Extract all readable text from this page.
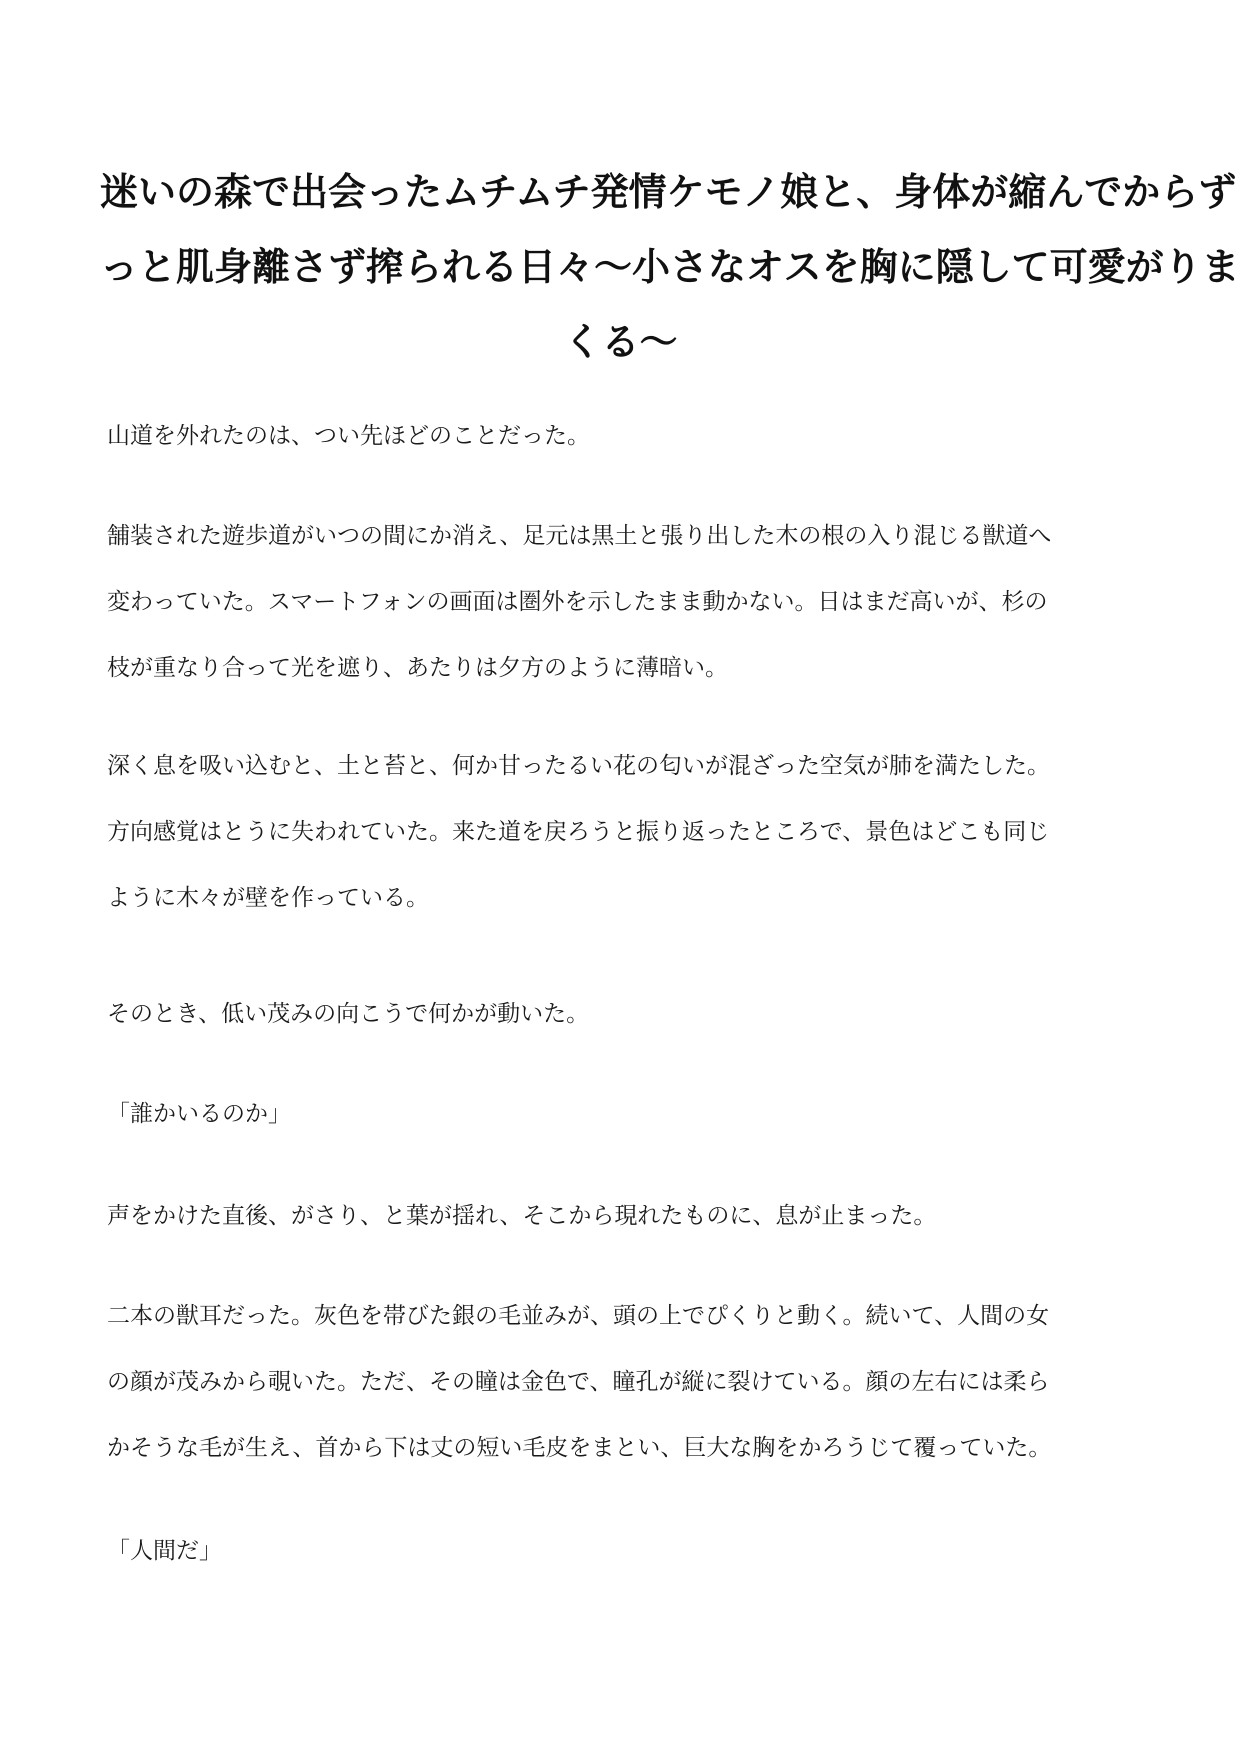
迷いの森で出会ったムチムチ発情ケモノ娘と、身体が縮んでからず
っと肌身離さず搾られる日々〜小さなオスを胸に隠して可愛がりま
くる〜
山道を外れたのは、つい先ほどのことだった。
舗装された遊歩道がいつの間にか消え、足元は黒土と張り出した木の根の入り混じる獣道へ
変わっていた。スマートフォンの画面は圏外を示したまま動かない。日はまだ高いが、杉の
枝が重なり合って光を遮り、あたりは夕方のように薄暗い。
深く息を吸い込むと、土と苔と、何か甘ったるい花の匂いが混ざった空気が肺を満たした。
方向感覚はとうに失われていた。来た道を戻ろうと振り返ったところで、景色はどこも同じ
ように木々が壁を作っている。
そのとき、低い茂みの向こうで何かが動いた。
「誰かいるのか」
声をかけた直後、がさり、と葉が揺れ、そこから現れたものに、息が止まった。
二本の獣耳だった。灰色を帯びた銀の毛並みが、頭の上でぴくりと動く。続いて、人間の女
の顔が茂みから覗いた。ただ、その瞳は金色で、瞳孔が縦に裂けている。顔の左右には柔ら
かそうな毛が生え、首から下は丈の短い毛皮をまとい、巨大な胸をかろうじて覆っていた。
「人間だ」
